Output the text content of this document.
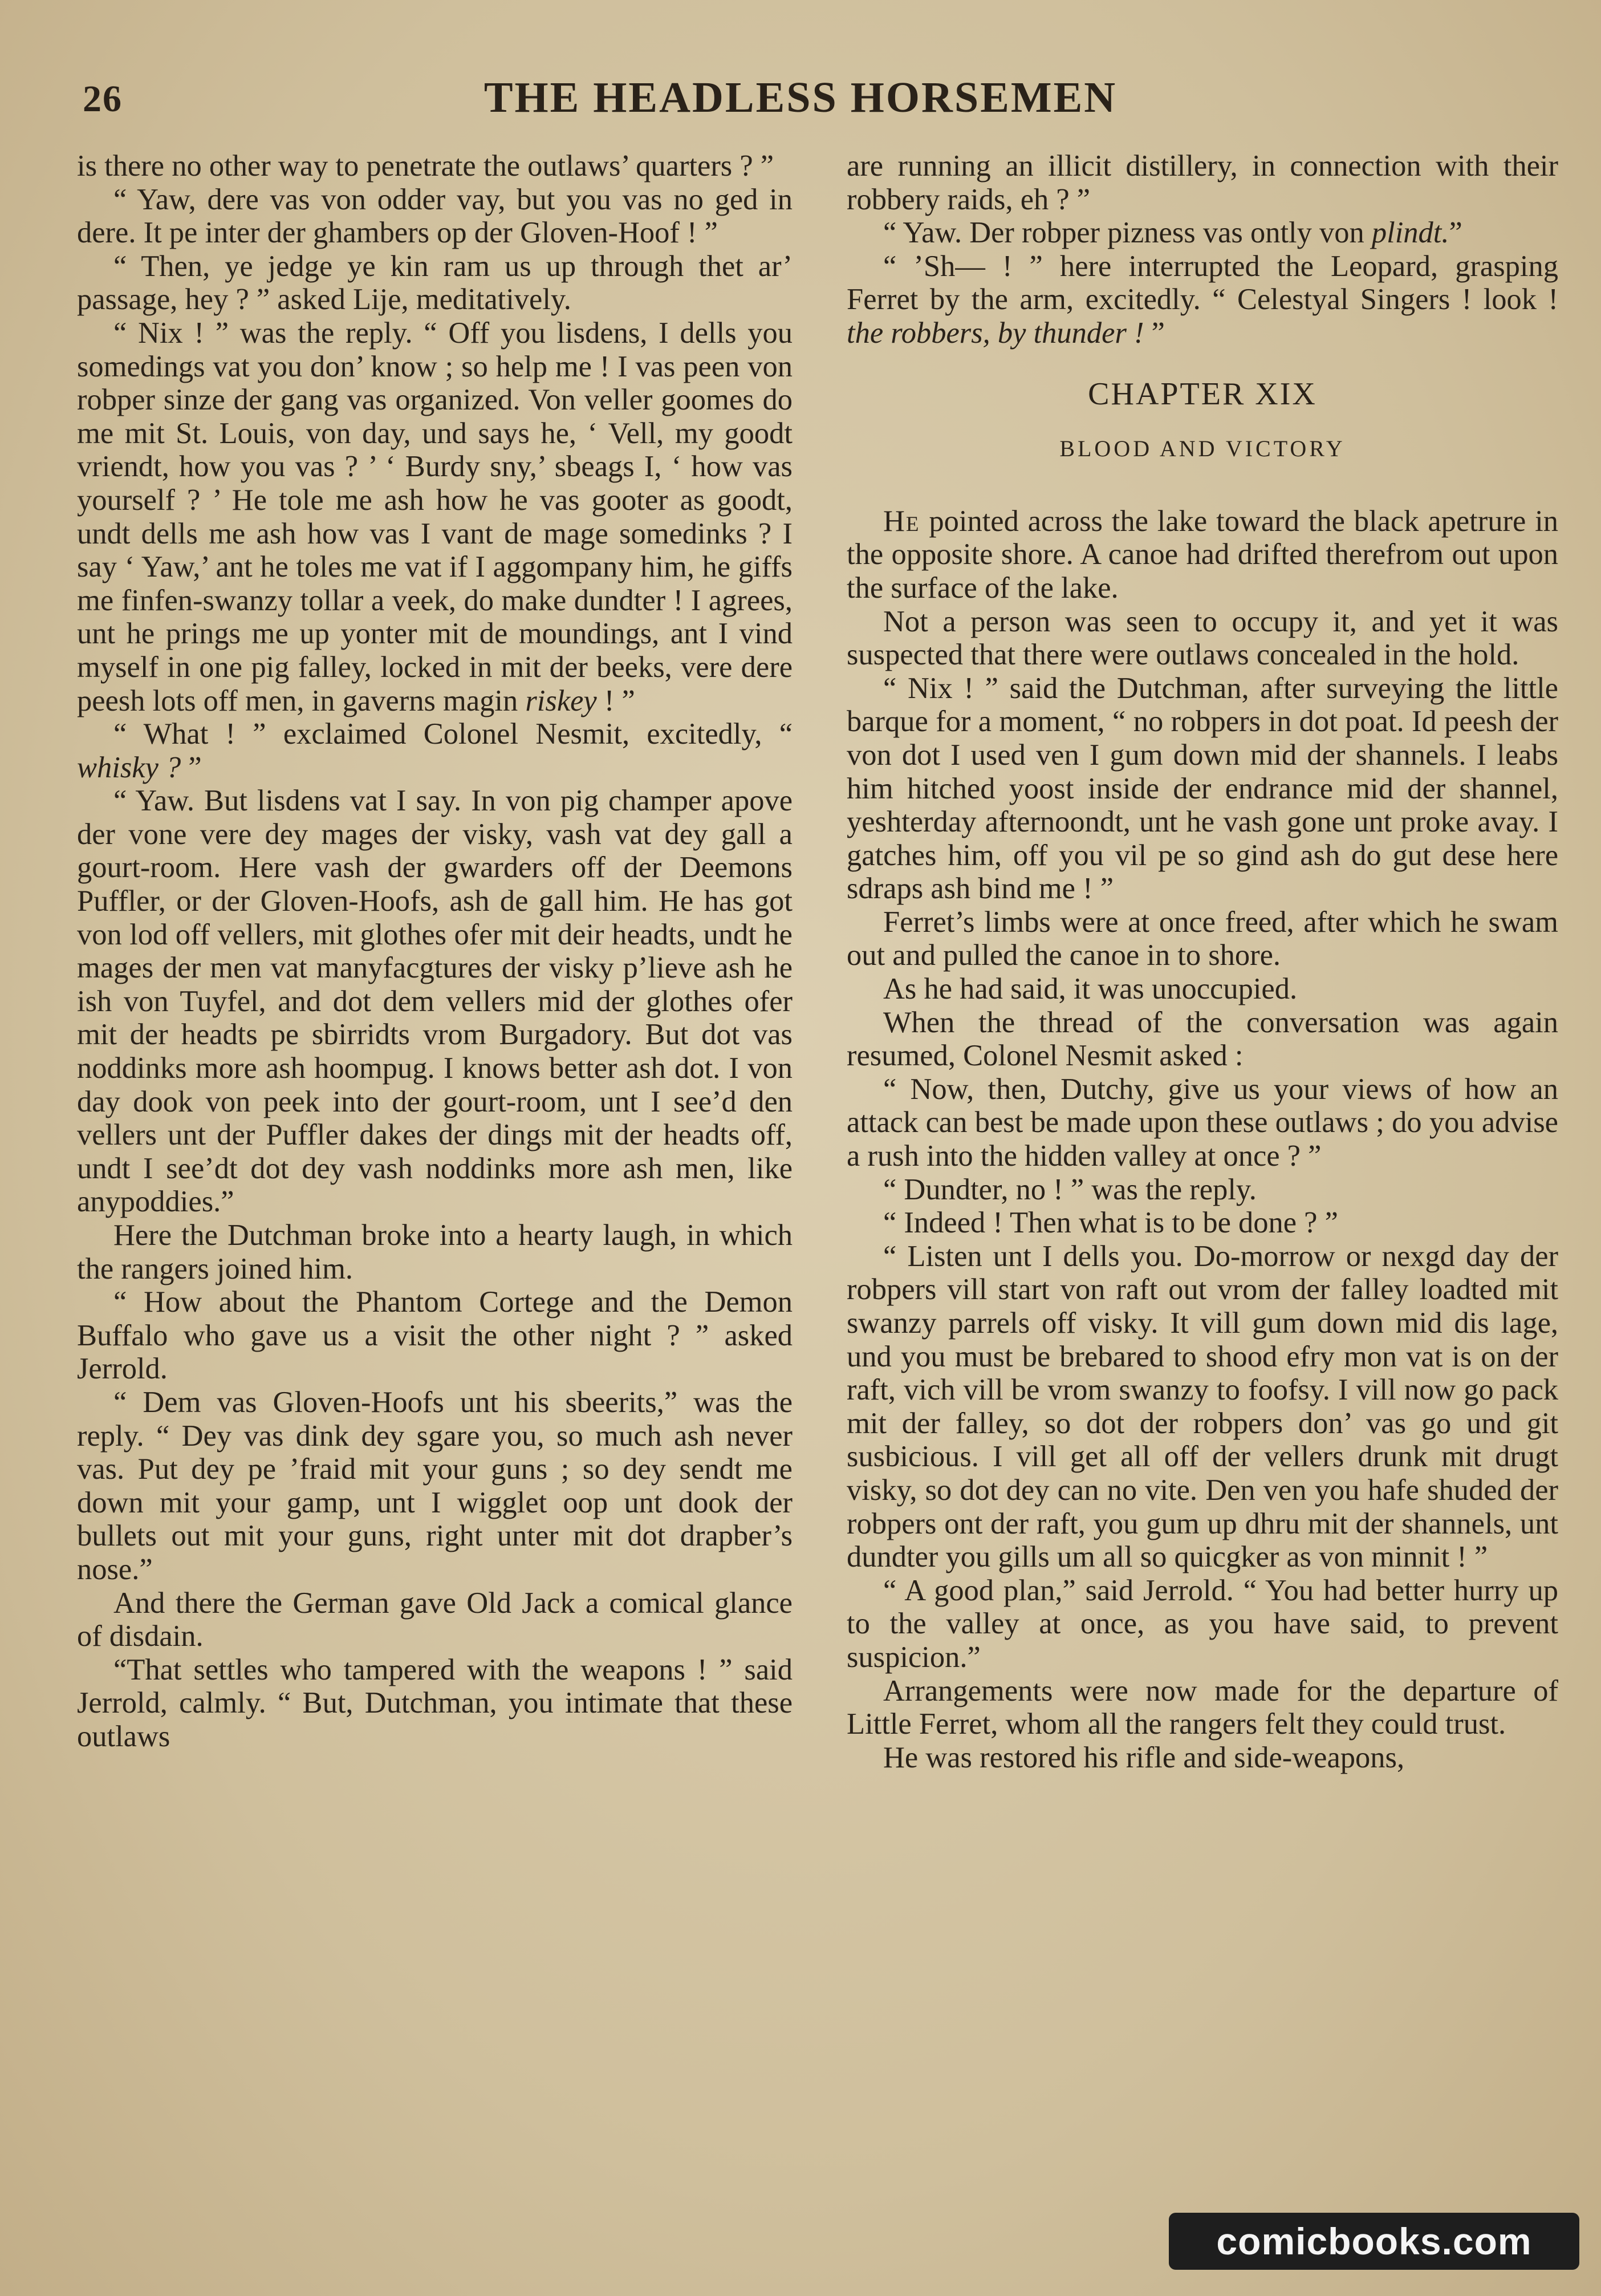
26	THE HEADLESS HORSEMEN

is there no other way to penetrate the outlaws’ quarters ? ”

“ Yaw, dere vas von odder vay, but you vas no ged in dere. It pe inter der ghambers op der Gloven-Hoof ! ”

“ Then, ye jedge ye kin ram us up through thet ar’ passage, hey ? ” asked Lije, meditatively.

“ Nix ! ” was the reply. “ Off you lisdens, I dells you somedings vat you don’ know ; so help me ! I vas peen von robper sinze der gang vas organized. Von veller goomes do me mit St. Louis, von day, und says he, ‘ Vell, my goodt vriendt, how you vas ? ’ ‘ Burdy sny,’ sbeags I, ‘ how vas yourself ? ’ He tole me ash how he vas gooter as goodt, undt dells me ash how vas I vant de mage somedinks ? I say ‘ Yaw,’ ant he toles me vat if I aggompany him, he giffs me finfen-swanzy tollar a veek, do make dundter ! I agrees, unt he prings me up yonter mit de moundings, ant I vind myself in one pig falley, locked in mit der beeks, vere dere peesh lots off men, in gaverns magin riskey ! ”

“ What ! ” exclaimed Colonel Nesmit, excitedly, “ whisky ? ”

“ Yaw. But lisdens vat I say. In von pig champer apove der vone vere dey mages der visky, vash vat dey gall a gourt-room. Here vash der gwarders off der Deemons Puffler, or der Gloven-Hoofs, ash de gall him. He has got von lod off vellers, mit glothes ofer mit deir headts, undt he mages der men vat manyfacgtures der visky p’lieve ash he ish von Tuyfel, and dot dem vellers mid der glothes ofer mit der headts pe sbirridts vrom Burgadory. But dot vas noddinks more ash hoompug. I knows better ash dot. I von day dook von peek into der gourt-room, unt I see’d den vellers unt der Puffler dakes der dings mit der headts off, undt I see’dt dot dey vash noddinks more ash men, like anypoddies.”

Here the Dutchman broke into a hearty laugh, in which the rangers joined him.

“ How about the Phantom Cortege and the Demon Buffalo who gave us a visit the other night ? ” asked Jerrold.

“ Dem vas Gloven-Hoofs unt his sbeerits,” was the reply. “ Dey vas dink dey sgare you, so much ash never vas. Put dey pe ’fraid mit your guns ; so dey sendt me down mit your gamp, unt I wigglet oop unt dook der bullets out mit your guns, right unter mit dot drapber’s nose.”

And there the German gave Old Jack a comical glance of disdain.

“That settles who tampered with the weapons ! ” said Jerrold, calmly. “ But, Dutchman, you intimate that these outlaws

are running an illicit distillery, in connection with their robbery raids, eh ? ”

“ Yaw. Der robper pizness vas ontly von plindt.”

“ ’Sh— ! ” here interrupted the Leopard, grasping Ferret by the arm, excitedly. “ Celestyal Singers ! look ! the robbers, by thunder ! ”

CHAPTER XIX
BLOOD AND VICTORY

He pointed across the lake toward the black apetrure in the opposite shore. A canoe had drifted therefrom out upon the surface of the lake.

Not a person was seen to occupy it, and yet it was suspected that there were outlaws concealed in the hold.

“ Nix ! ” said the Dutchman, after surveying the little barque for a moment, “ no robpers in dot poat. Id peesh der von dot I used ven I gum down mid der shannels. I leabs him hitched yoost inside der endrance mid der shannel, yeshterday afternoondt, unt he vash gone unt proke avay. I gatches him, off you vil pe so gind ash do gut dese here sdraps ash bind me ! ”

Ferret’s limbs were at once freed, after which he swam out and pulled the canoe in to shore.

As he had said, it was unoccupied.

When the thread of the conversation was again resumed, Colonel Nesmit asked :

“ Now, then, Dutchy, give us your views of how an attack can best be made upon these outlaws ; do you advise a rush into the hidden valley at once ? ”

“ Dundter, no ! ” was the reply.

“ Indeed ! Then what is to be done ? ”

“ Listen unt I dells you. Do-morrow or nexgd day der robpers vill start von raft out vrom der falley loadted mit swanzy parrels off visky. It vill gum down mid dis lage, und you must be brebared to shood efry mon vat is on der raft, vich vill be vrom swanzy to foofsy. I vill now go pack mit der falley, so dot der robpers don’ vas go und git susbicious. I vill get all off der vellers drunk mit drugt visky, so dot dey can no vite. Den ven you hafe shuded der robpers ont der raft, you gum up dhru mit der shannels, unt dundter you gills um all so quicgker as von minnit ! ”

“ A good plan,” said Jerrold. “ You had better hurry up to the valley at once, as you have said, to prevent suspicion.”

Arrangements were now made for the departure of Little Ferret, whom all the rangers felt they could trust.

He was restored his rifle and side-weapons,

comicbooks.com
